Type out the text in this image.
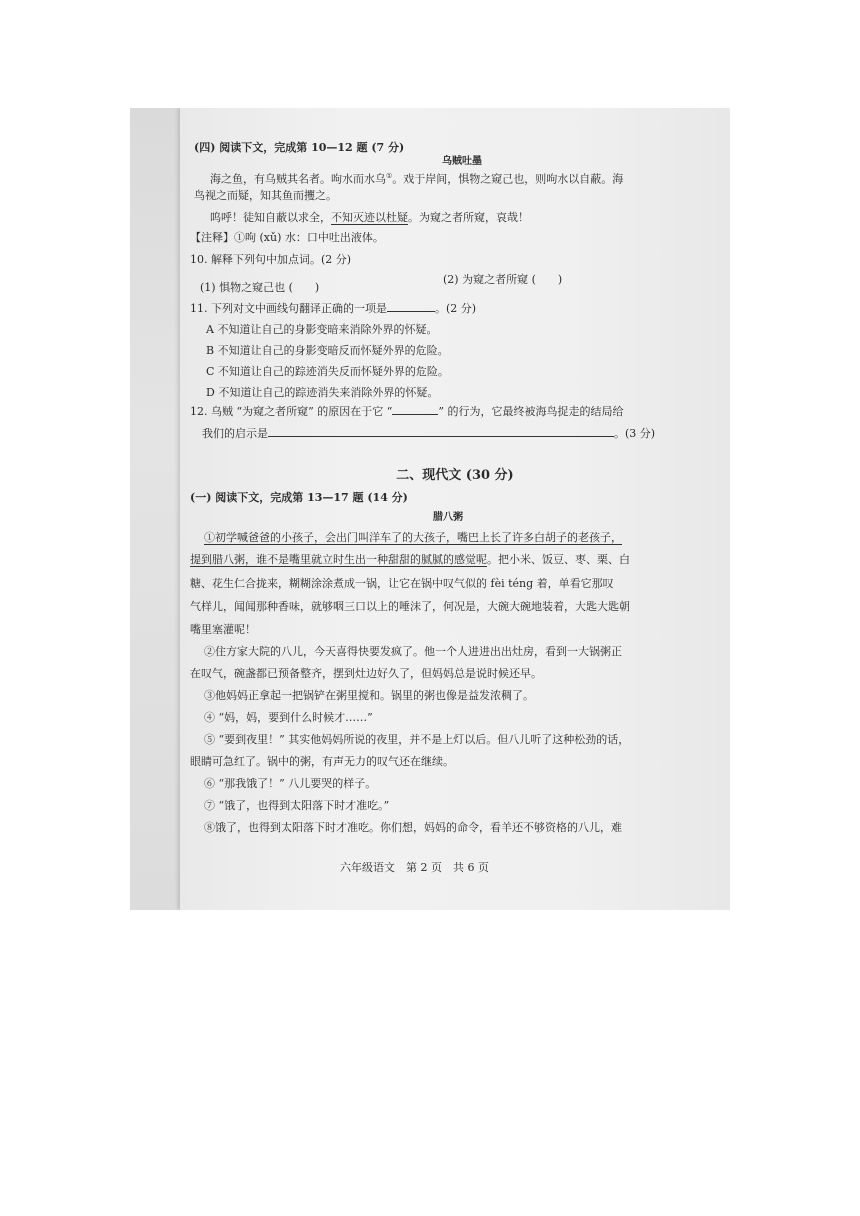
(四) 阅读下文，完成第 10—12 题 (7 分)
乌贼吐墨
海之鱼，有乌贼其名者。呴水而水乌①。戏于岸间，惧物之窥己也，则呴水以自蔽。海
鸟视之而疑，知其鱼而攫之。
呜呼！徒知自蔽以求全，不知灭迹以杜疑。为窥之者所窥，哀哉！
【注释】①呴 (xǔ) 水：口中吐出液体。
10. 解释下列句中加点词。(2 分)
(1) 惧物之窥己也 (　　)
(2) 为窥之者所窥 (　　)
11. 下列对文中画线句翻译正确的一项是	。(2 分)
A 不知道让自己的身影变暗来消除外界的怀疑。
B 不知道让自己的身影变暗反而怀疑外界的危险。
C 不知道让自己的踪迹消失反而怀疑外界的危险。
D 不知道让自己的踪迹消失来消除外界的怀疑。
12. 乌贼 “为窥之者所窥” 的原因在于它 “	” 的行为，它最终被海鸟捉走的结局给
我们的启示是	。(3 分)
二、现代文 (30 分)
(一) 阅读下文，完成第 13—17 题 (14 分)
腊八粥
①初学喊爸爸的小孩子，会出门叫洋车了的大孩子，嘴巴上长了许多白胡子的老孩子，
提到腊八粥，谁不是嘴里就立时生出一种甜甜的腻腻的感觉呢。把小米、饭豆、枣、栗、白
糖、花生仁合拢来，糊糊涂涂煮成一锅，让它在锅中叹气似的 fèi téng 着，单看它那叹
气样儿，闻闻那种香味，就够咽三口以上的唾沫了，何况是，大碗大碗地装着，大匙大匙朝
嘴里塞灌呢！
②住方家大院的八儿，今天喜得快要发疯了。他一个人进进出出灶房，看到一大锅粥正
在叹气，碗盏都已预备整齐，摆到灶边好久了，但妈妈总是说时候还早。
③他妈妈正拿起一把锅铲在粥里搅和。锅里的粥也像是益发浓稠了。
④ “妈，妈，要到什么时候才……”
⑤ “要到夜里！” 其实他妈妈所说的夜里，并不是上灯以后。但八儿听了这种松劲的话，
眼睛可急红了。锅中的粥，有声无力的叹气还在继续。
⑥ “那我饿了！” 八儿要哭的样子。
⑦ “饿了，也得到太阳落下时才准吃。”
⑧饿了，也得到太阳落下时才准吃。你们想，妈妈的命令，看羊还不够资格的八儿，难
六年级语文　第 2 页　共 6 页
